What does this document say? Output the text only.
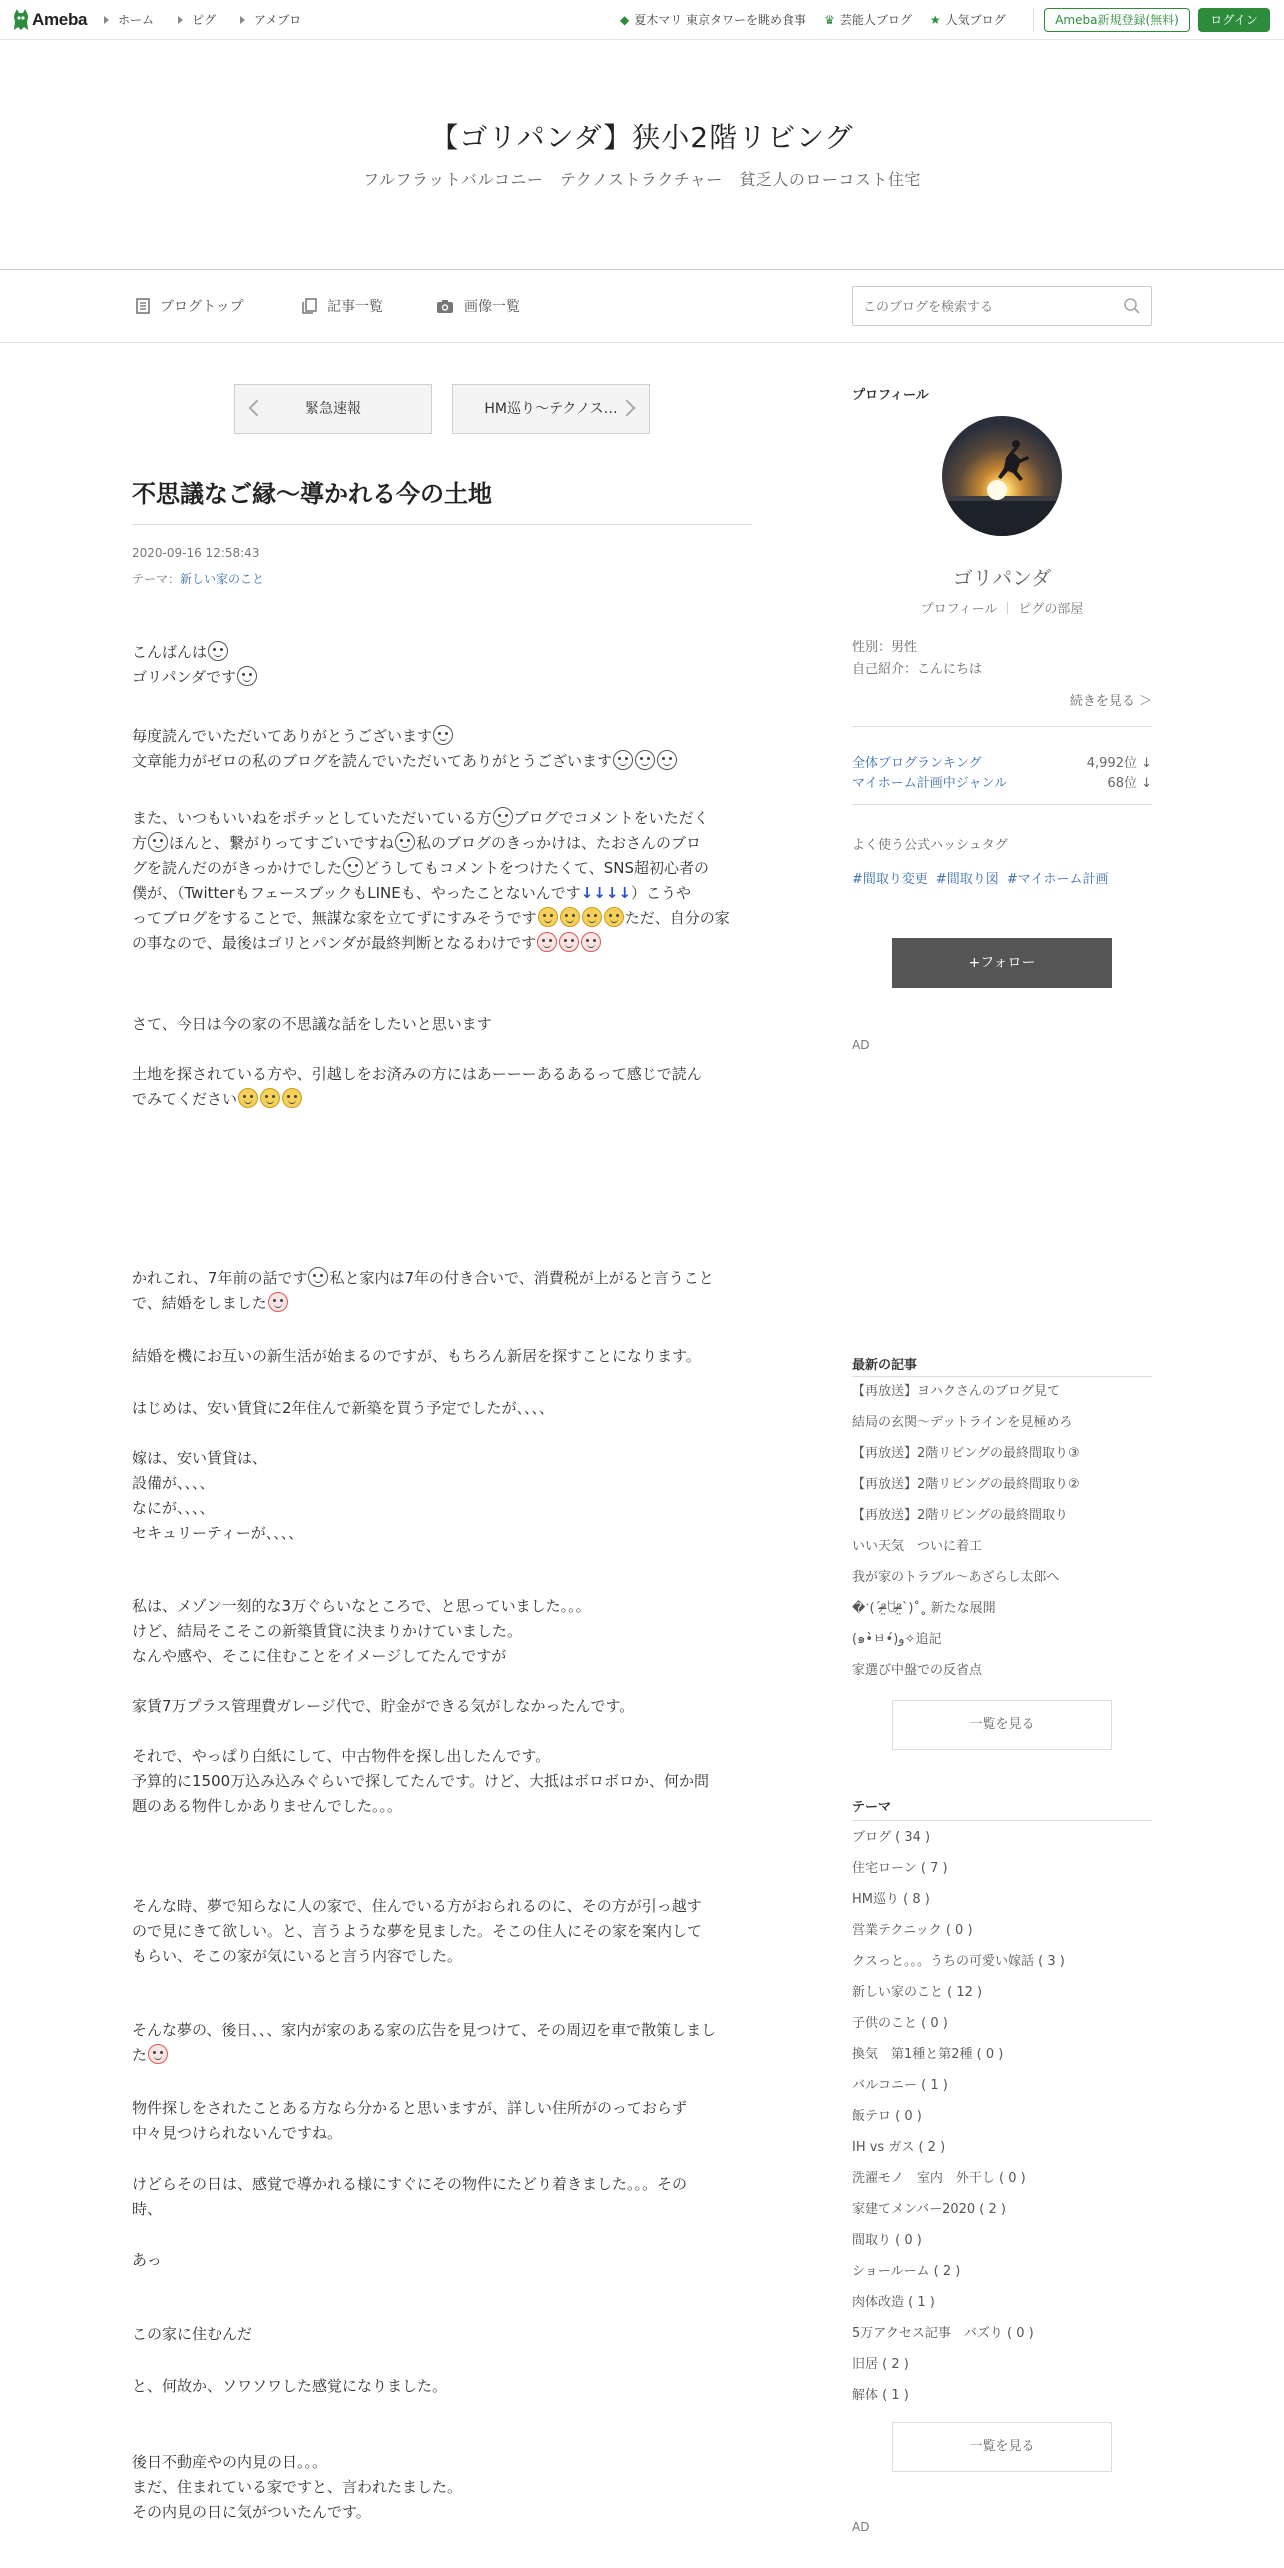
Ameba	ホーム	ピグ	アメブロ	◆ 夏木マリ 東京タワーを眺め食事 ♛ 芸能人ブログ ★ 人気ブログ	Ameba新規登録(無料)	ログイン
【ゴリパンダ】狭小2階リビング
フルフラットバルコニー　テクノストラクチャー　貧乏人のローコスト住宅
ブログトップ	記事一覧	画像一覧
このブログを検索する
緊急速報	HM巡り〜テクノス…
不思議なご縁〜導かれる今の土地
2020-09-16 12:58:43
テーマ：新しい家のこと

こんばんは
ゴリパンダです

毎度読んでいただいてありがとうございます
文章能力がゼロの私のブログを読んでいただいてありがとうございます

また、いつもいいねをポチッとしていただいている方 ブログでコメントをいただく
方 ほんと、繋がりってすごいですね 私のブログのきっかけは、たおさんのブロ
グを読んだのがきっかけでした どうしてもコメントをつけたくて、SNS超初心者の
僕が、（TwitterもフェースブックもLINEも、やったことないんです↓↓↓↓）こうや
ってブログをすることで、無謀な家を立てずにすみそうです	ただ、自分の家
の事なので、最後はゴリとパンダが最終判断となるわけです

さて、今日は今の家の不思議な話をしたいと思います

土地を探されている方や、引越しをお済みの方にはあーーーあるあるって感じで読ん
でみてください

かれこれ、7年前の話です 私と家内は7年の付き合いで、消費税が上がると言うこと
で、結婚をしました

結婚を機にお互いの新生活が始まるのですが、もちろん新居を探すことになります。

はじめは、安い賃貸に2年住んで新築を買う予定でしたが、、、、

嫁は、安い賃貸は、
設備が、、、、
なにが、、、、
セキュリーティーが、、、、

私は、メゾン一刻的な3万ぐらいなところで、と思っていました。。。
けど、結局そこそこの新築賃貸に決まりかけていました。
なんや感や、そこに住むことをイメージしてたんですが

家賃7万プラス管理費ガレージ代で、貯金ができる気がしなかったんです。

それで、やっぱり白紙にして、中古物件を探し出したんです。
予算的に1500万込み込みぐらいで探してたんです。けど、大抵はボロボロか、何か問
題のある物件しかありませんでした。。。

そんな時、夢で知らなに人の家で、住んでいる方がおられるのに、その方が引っ越す
ので見にきて欲しい。と、言うような夢を見ました。そこの住人にその家を案内して
もらい、そこの家が気にいると言う内容でした。

そんな夢の、後日、、、家内が家のある家の広告を見つけて、その周辺を車で散策しまし
た

物件探しをされたことある方なら分かると思いますが、詳しい住所がのっておらず
中々見つけられないんですね。

けどらその日は、感覚で導かれる様にすぐにその物件にたどり着きました。。。その
時、

あっ

この家に住むんだ

と、何故か、ソワソワした感覚になりました。

後日不動産やの内見の日。。。
まだ、住まれている家ですと、言われたました。
その内見の日に気がついたんです。

プロフィール
ゴリパンダ
プロフィール ピグの部屋
性別：男性
自己紹介：こんにちは
続きを見る ＞
全体ブログランキング	4,992位 ↓
マイホーム計画中ジャンル	68位 ↓
よく使う公式ハッシュタグ
#間取り変更 #間取り図 #マイホーム計画
+フォロー
AD
最新の記事
【再放送】ヨハクさんのブログ見て
結局の玄関〜デットラインを見極めろ
【再放送】2階リビングの最終間取り③
【再放送】2階リビングの最終間取り②
【再放送】2階リビングの最終間取り
いい天気　ついに着工
我が家のトラブル〜あざらし太郎へ
�ॱ(ˊᵒ̴̶̷̤ꇴᵒ̴̶̷̤ˋ)˚˳ 新たな展開
(๑•̀ㅂ•́)و✧追記
家選び中盤での反省点
一覧を見る
テーマ
ブログ ( 34 )
住宅ローン ( 7 )
HM巡り ( 8 )
営業テクニック ( 0 )
クスっと。。。うちの可愛い嫁話 ( 3 )
新しい家のこと ( 12 )
子供のこと ( 0 )
換気　第1種と第2種 ( 0 )
バルコニー ( 1 )
飯テロ ( 0 )
IH vs ガス ( 2 )
洗濯モノ　室内　外干し ( 0 )
家建てメンバー2020 ( 2 )
間取り ( 0 )
ショールーム ( 2 )
肉体改造 ( 1 )
5万アクセス記事　バズり ( 0 )
旧居 ( 2 )
解体 ( 1 )
一覧を見る
AD
